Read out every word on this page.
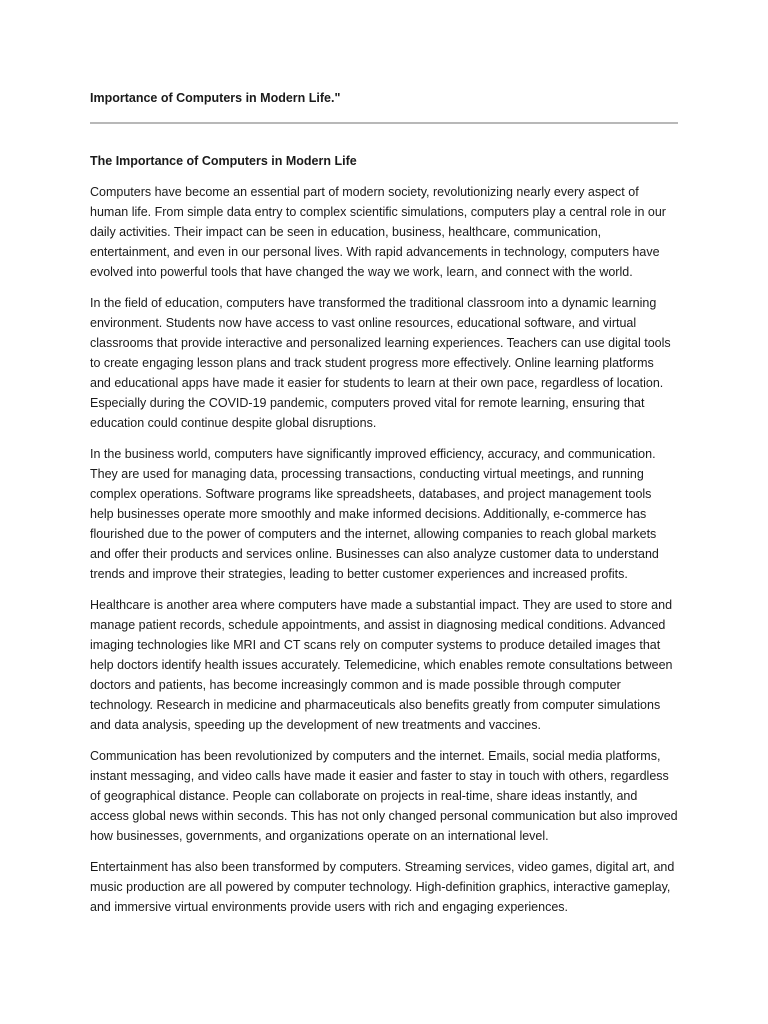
Importance of Computers in Modern Life."

The Importance of Computers in Modern Life

Computers have become an essential part of modern society, revolutionizing nearly every aspect of human life. From simple data entry to complex scientific simulations, computers play a central role in our daily activities. Their impact can be seen in education, business, healthcare, communication, entertainment, and even in our personal lives. With rapid advancements in technology, computers have evolved into powerful tools that have changed the way we work, learn, and connect with the world.

In the field of education, computers have transformed the traditional classroom into a dynamic learning environment. Students now have access to vast online resources, educational software, and virtual classrooms that provide interactive and personalized learning experiences. Teachers can use digital tools to create engaging lesson plans and track student progress more effectively. Online learning platforms and educational apps have made it easier for students to learn at their own pace, regardless of location. Especially during the COVID-19 pandemic, computers proved vital for remote learning, ensuring that education could continue despite global disruptions.

In the business world, computers have significantly improved efficiency, accuracy, and communication. They are used for managing data, processing transactions, conducting virtual meetings, and running complex operations. Software programs like spreadsheets, databases, and project management tools help businesses operate more smoothly and make informed decisions. Additionally, e-commerce has flourished due to the power of computers and the internet, allowing companies to reach global markets and offer their products and services online. Businesses can also analyze customer data to understand trends and improve their strategies, leading to better customer experiences and increased profits.

Healthcare is another area where computers have made a substantial impact. They are used to store and manage patient records, schedule appointments, and assist in diagnosing medical conditions. Advanced imaging technologies like MRI and CT scans rely on computer systems to produce detailed images that help doctors identify health issues accurately. Telemedicine, which enables remote consultations between doctors and patients, has become increasingly common and is made possible through computer technology. Research in medicine and pharmaceuticals also benefits greatly from computer simulations and data analysis, speeding up the development of new treatments and vaccines.

Communication has been revolutionized by computers and the internet. Emails, social media platforms, instant messaging, and video calls have made it easier and faster to stay in touch with others, regardless of geographical distance. People can collaborate on projects in real-time, share ideas instantly, and access global news within seconds. This has not only changed personal communication but also improved how businesses, governments, and organizations operate on an international level.

Entertainment has also been transformed by computers. Streaming services, video games, digital art, and music production are all powered by computer technology. High-definition graphics, interactive gameplay, and immersive virtual environments provide users with rich and engaging experiences.
